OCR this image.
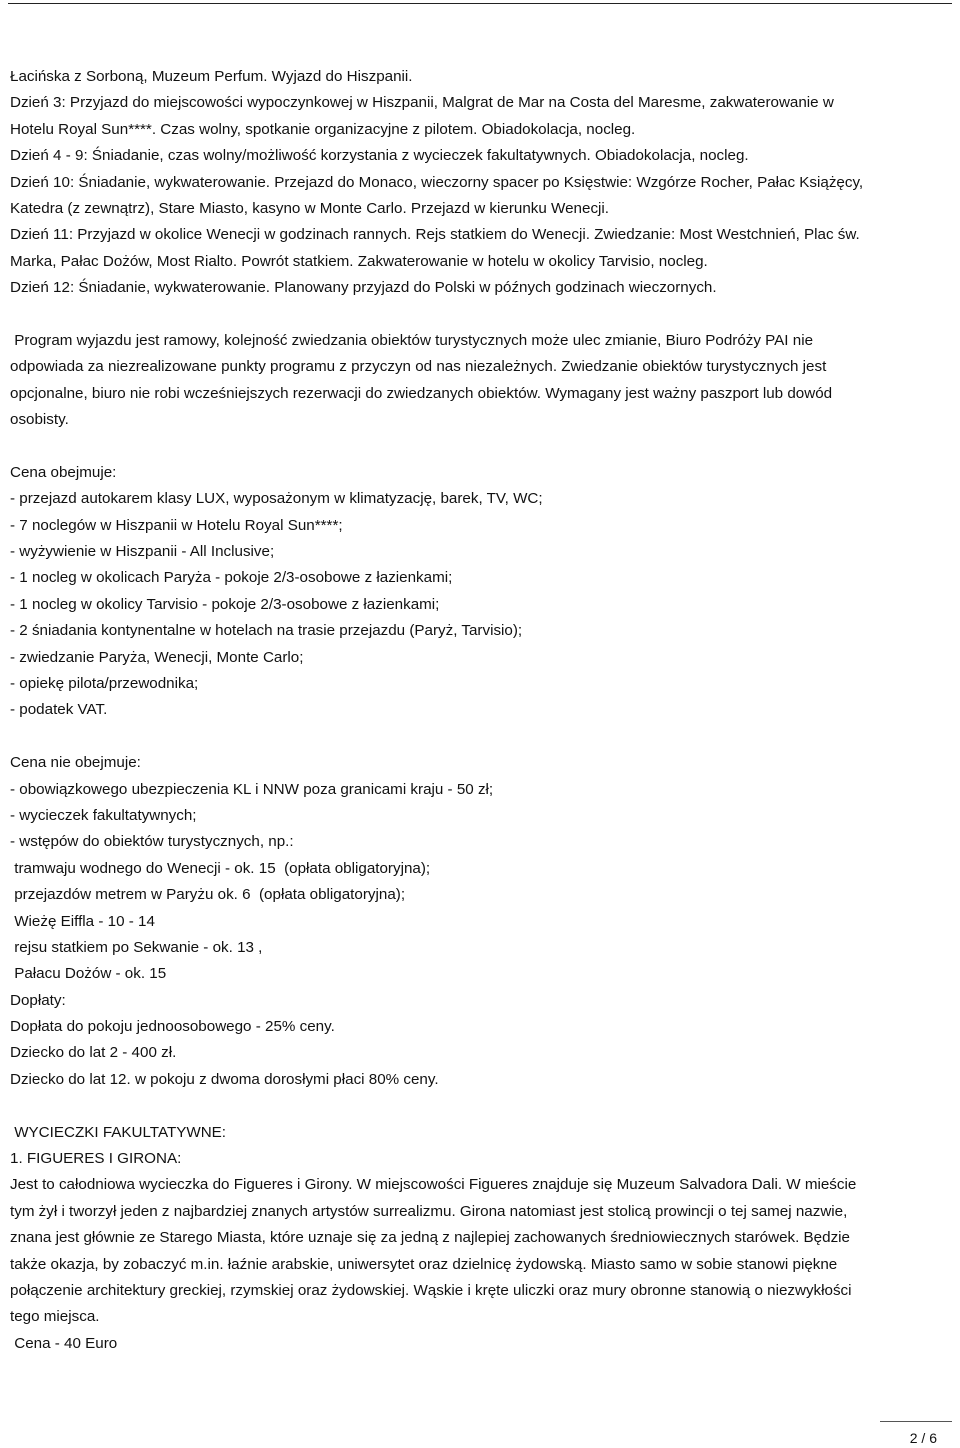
Łacińska z Sorboną, Muzeum Perfum. Wyjazd do Hiszpanii.

Dzień 3: Przyjazd do miejscowości wypoczynkowej w Hiszpanii, Malgrat de Mar na Costa del Maresme, zakwaterowanie w

Hotelu Royal Sun****. Czas wolny, spotkanie organizacyjne z pilotem. Obiadokolacja, nocleg.

Dzień 4 - 9: Śniadanie, czas wolny/możliwość korzystania z wycieczek fakultatywnych. Obiadokolacja, nocleg.

Dzień 10: Śniadanie, wykwaterowanie. Przejazd do Monaco, wieczorny spacer po Księstwie: Wzgórze Rocher, Pałac Książęcy,

Katedra (z zewnątrz), Stare Miasto, kasyno w Monte Carlo. Przejazd w kierunku Wenecji.

Dzień 11: Przyjazd w okolice Wenecji w godzinach rannych. Rejs statkiem do Wenecji. Zwiedzanie: Most Westchnień, Plac św.

Marka, Pałac Dożów, Most Rialto. Powrót statkiem. Zakwaterowanie w hotelu w okolicy Tarvisio, nocleg.

Dzień 12: Śniadanie, wykwaterowanie. Planowany przyjazd do Polski w późnych godzinach wieczornych.

Program wyjazdu jest ramowy, kolejność zwiedzania obiektów turystycznych może ulec zmianie, Biuro Podróży PAI nie

odpowiada za niezrealizowane punkty programu z przyczyn od nas niezależnych. Zwiedzanie obiektów turystycznych jest

opcjonalne, biuro nie robi wcześniejszych rezerwacji do zwiedzanych obiektów. Wymagany jest ważny paszport lub dowód

osobisty.

Cena obejmuje:

- przejazd autokarem klasy LUX, wyposażonym w klimatyzację, barek, TV, WC;

- 7 noclegów w Hiszpanii w Hotelu Royal Sun****;

- wyżywienie w Hiszpanii - All Inclusive;

- 1 nocleg w okolicach Paryża - pokoje 2/3-osobowe z łazienkami;

- 1 nocleg w okolicy Tarvisio - pokoje 2/3-osobowe z łazienkami;

- 2 śniadania kontynentalne w hotelach na trasie przejazdu (Paryż, Tarvisio);

- zwiedzanie Paryża, Wenecji, Monte Carlo;

- opiekę pilota/przewodnika;

- podatek VAT.

Cena nie obejmuje:

- obowiązkowego ubezpieczenia KL i NNW poza granicami kraju - 50 zł;

- wycieczek fakultatywnych;

- wstępów do obiektów turystycznych, np.:

tramwaju wodnego do Wenecji - ok. 15  (opłata obligatoryjna);

przejazdów metrem w Paryżu ok. 6  (opłata obligatoryjna);

Wieżę Eiffla - 10 - 14

rejsu statkiem po Sekwanie - ok. 13 ,

Pałacu Dożów - ok. 15

Dopłaty:

Dopłata do pokoju jednoosobowego - 25% ceny.

Dziecko do lat 2 - 400 zł.

Dziecko do lat 12. w pokoju z dwoma dorosłymi płaci 80% ceny.

WYCIECZKI FAKULTATYWNE:

1. FIGUERES I GIRONA:

Jest to całodniowa wycieczka do Figueres i Girony. W miejscowości Figueres znajduje się Muzeum Salvadora Dali. W mieście

tym żył i tworzył jeden z najbardziej znanych artystów surrealizmu. Girona natomiast jest stolicą prowincji o tej samej nazwie,

znana jest głównie ze Starego Miasta, które uznaje się za jedną z najlepiej zachowanych średniowiecznych starówek. Będzie

także okazja, by zobaczyć m.in. łaźnie arabskie, uniwersytet oraz dzielnicę żydowską. Miasto samo w sobie stanowi piękne

połączenie architektury greckiej, rzymskiej oraz żydowskiej. Wąskie i kręte uliczki oraz mury obronne stanowią o niezwykłości

tego miejsca.

Cena - 40 Euro

2 / 6
